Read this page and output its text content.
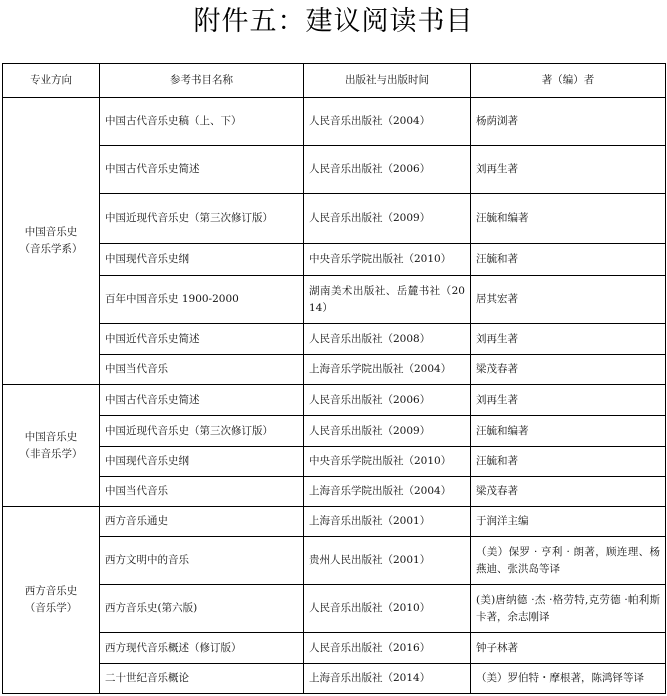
附件五：建议阅读书目
专业方向	参考书目名称	出版社与出版时间	著（编）者

中国音乐史
（音乐学系）	中国古代音乐史稿（上、下）	人民音乐出版社（2004）	杨荫浏著
	中国古代音乐史简述	人民音乐出版社（2006）	刘再生著
	中国近现代音乐史（第三次修订版）	人民音乐出版社（2009）	汪毓和编著
	中国现代音乐史纲	中央音乐学院出版社（2010）	汪毓和著
	百年中国音乐史 1900-2000	湖南美术出版社、岳麓书社（2014）	居其宏著
	中国近代音乐史简述	人民音乐出版社（2008）	刘再生著
	中国当代音乐	上海音乐学院出版社（2004）	梁茂春著

中国音乐史
（非音乐学）	中国古代音乐史简述	人民音乐出版社（2006）	刘再生著
	中国近现代音乐史（第三次修订版）	人民音乐出版社（2009）	汪毓和编著
	中国现代音乐史纲	中央音乐学院出版社（2010）	汪毓和著
	中国当代音乐	上海音乐学院出版社（2004）	梁茂春著

西方音乐史
（音乐学）	西方音乐通史	上海音乐出版社（2001）	于润洋主编
	西方文明中的音乐	贵州人民出版社（2001）	（美）保罗 · 亨利 · 朗著，顾连理、杨燕迪、张洪岛等译
	西方音乐史(第六版)	人民音乐出版社（2010）	(美)唐纳德 ·杰 ·格劳特,克劳德 ·帕利斯卡著，余志刚译
	西方现代音乐概述（修订版）	人民音乐出版社（2016）	钟子林著
	二十世纪音乐概论	上海音乐出版社（2014）	（美）罗伯特・摩根著，陈鸿铎等译
